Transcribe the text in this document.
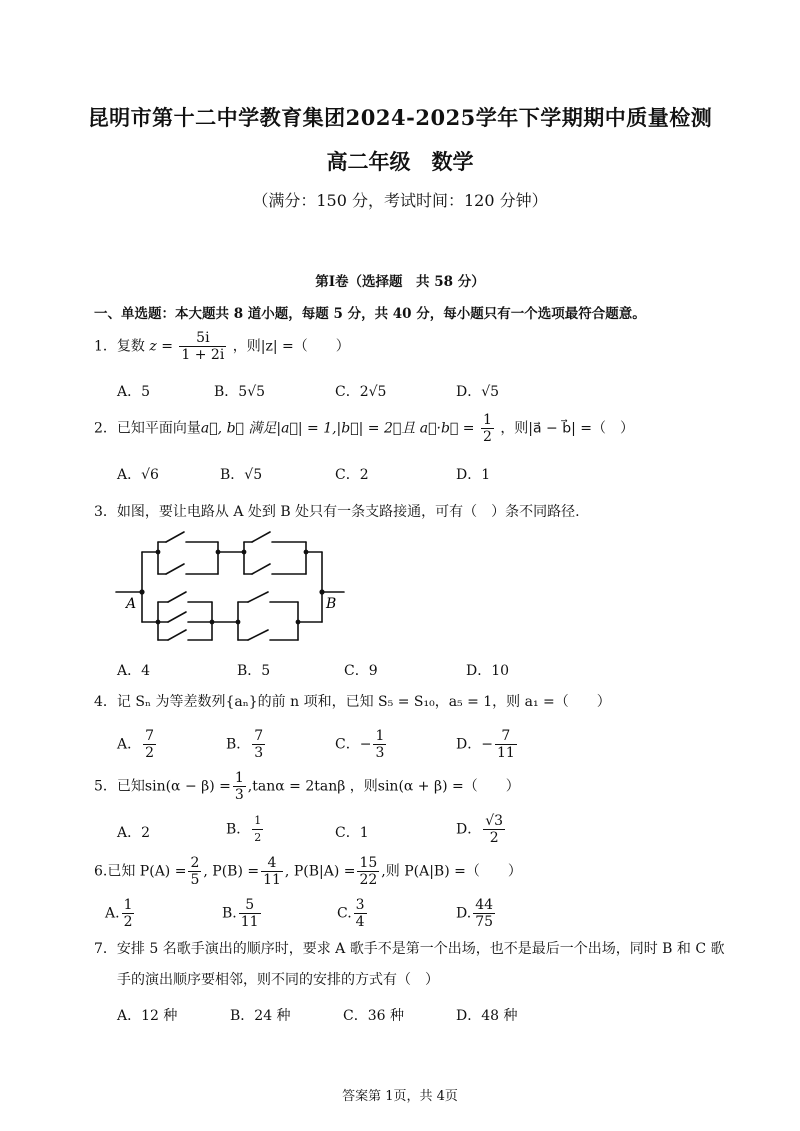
昆明市第十二中学教育集团2024-2025学年下学期期中质量检测
高二年级　数学
（满分：150 分，考试时间：120 分钟）
第Ⅰ卷（选择题　共 58 分）
一、单选题：本大题共 8 道小题，每题 5 分，共 40 分，每小题只有一个选项最符合题意。
1．复数 $z = \frac{5i}{1 + 2i}$ ，则|z| =（　　）
A．5	B．5√5	C．2√5	D．√5
2．已知平面向量a⃗, b⃗ 满足|a⃗| = 1,|b⃗| = 2，且 a⃗·b⃗ = $\frac{1}{2}$ ，则|a⃗ − b⃗| =（　）
A．√6	B．√5	C．2	D．1
3．如图，要让电路从 A 处到 B 处只有一条支路接通，可有（　）条不同路径.
A	B
A．4	B．5	C．9	D．10
4．记 Sₙ 为等差数列{aₙ}的前 n 项和，已知 S₅ = S₁₀，a₅ = 1，则 a₁ =（　　）
A． $\frac{7}{2}$	B． $\frac{7}{3}$	C．− $\frac{1}{3}$	D．− $\frac{7}{11}$
5．已知$\sin(\alpha - \beta) = \frac{1}{3} ,\tan\alpha = 2\tan\beta$ ，则sin(α + β) =（　　）
A．2	B． $\frac{1}{2}$	C．1	D． $\frac{√3}{2}$
6.已知 $P(A) = \frac{2}{5}$ , $P(B) = \frac{4}{11}$ , $P(B|A) = \frac{15}{22}$ ,则 P(A|B) =（　　）
A. $\frac{1}{2}$	B. $\frac{5}{11}$	C. $\frac{3}{4}$	D. $\frac{44}{75}$
7．安排 5 名歌手演出的顺序时，要求 A 歌手不是第一个出场，也不是最后一个出场，同时 B 和 C 歌
手的演出顺序要相邻，则不同的安排的方式有（　）
A．12 种	B．24 种	C．36 种	D．48 种
答案第 1页，共 4页
